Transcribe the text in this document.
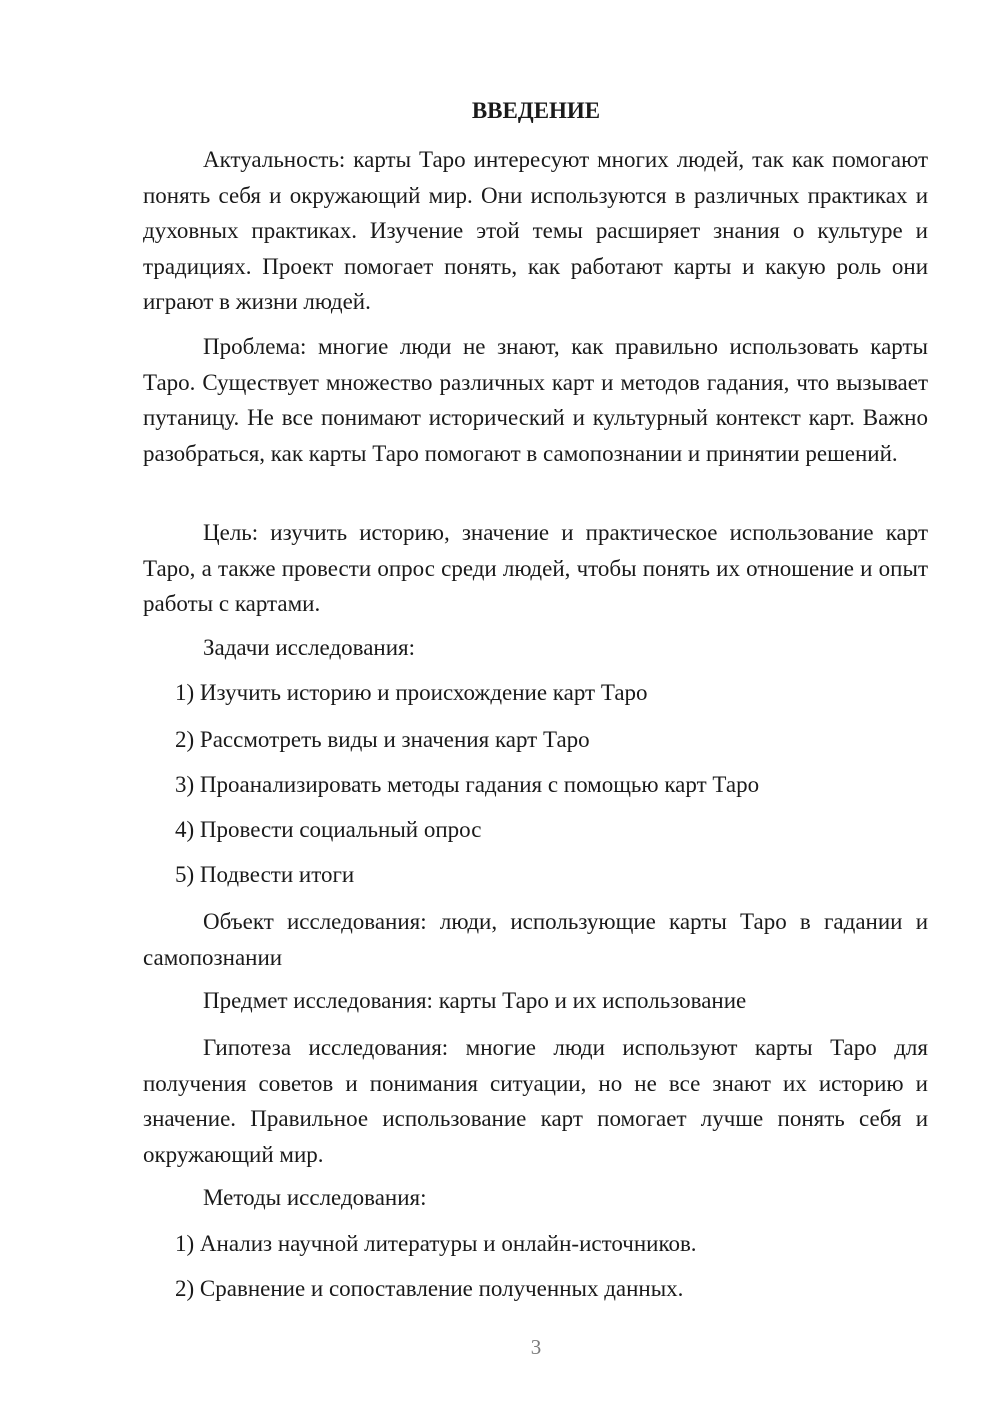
ВВЕДЕНИЕ

Актуальность: карты Таро интересуют многих людей, так как помогают понять себя и окружающий мир. Они используются в различных практиках и духовных практиках. Изучение этой темы расширяет знания о культуре и традициях. Проект помогает понять, как работают карты и какую роль они играют в жизни людей.

Проблема: многие люди не знают, как правильно использовать карты Таро. Существует множество различных карт и методов гадания, что вызывает путаницу. Не все понимают исторический и культурный контекст карт. Важно разобраться, как карты Таро помогают в самопознании и принятии решений.

Цель: изучить историю, значение и практическое использование карт Таро, а также провести опрос среди людей, чтобы понять их отношение и опыт работы с картами.

Задачи исследования:

1) Изучить историю и происхождение карт Таро

2) Рассмотреть виды и значения карт Таро

3) Проанализировать методы гадания с помощью карт Таро

4) Провести социальный опрос

5) Подвести итоги

Объект исследования: люди, использующие карты Таро в гадании и самопознании

Предмет исследования: карты Таро и их использование

Гипотеза исследования: многие люди используют карты Таро для получения советов и понимания ситуации, но не все знают их историю и значение. Правильное использование карт помогает лучше понять себя и окружающий мир.

Методы исследования:

1) Анализ научной литературы и онлайн-источников.

2) Сравнение и сопоставление полученных данных.

3
